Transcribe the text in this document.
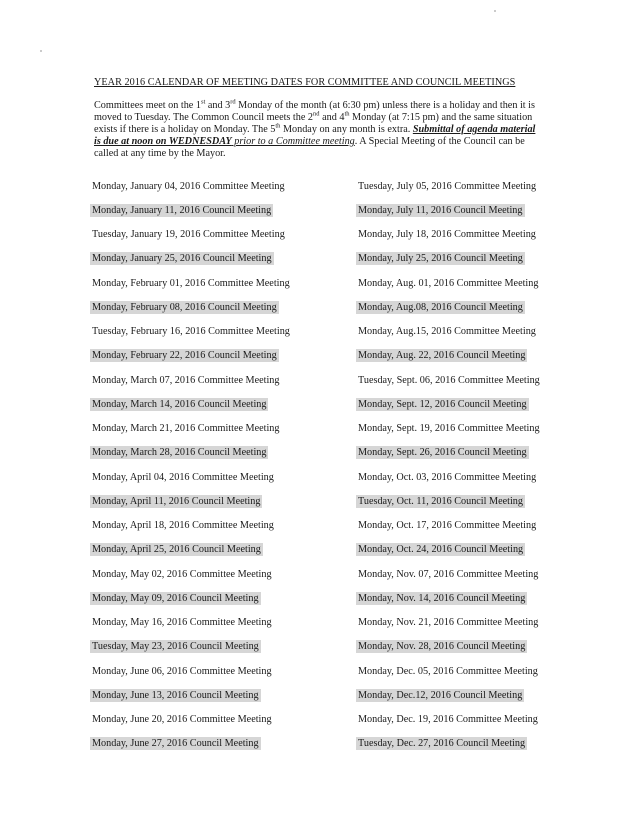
YEAR 2016 CALENDAR OF MEETING DATES FOR COMMITTEE AND COUNCIL MEETINGS
Committees meet on the 1st and 3rd Monday of the month (at 6:30 pm) unless there is a holiday and then it is moved to Tuesday. The Common Council meets the 2nd and 4th Monday (at 7:15 pm) and the same situation exists if there is a holiday on Monday. The 5th Monday on any month is extra. Submittal of agenda material is due at noon on WEDNESDAY prior to a Committee meeting. A Special Meeting of the Council can be called at any time by the Mayor.
Monday, January 04, 2016 Committee Meeting
Monday, January 11, 2016 Council Meeting
Tuesday, January 19, 2016 Committee Meeting
Monday, January 25, 2016 Council Meeting
Monday, February 01, 2016 Committee Meeting
Monday, February 08, 2016 Council Meeting
Tuesday, February 16, 2016 Committee Meeting
Monday, February 22, 2016 Council Meeting
Monday, March 07, 2016 Committee Meeting
Monday, March 14, 2016 Council Meeting
Monday, March 21, 2016 Committee Meeting
Monday, March 28, 2016 Council Meeting
Monday, April 04, 2016 Committee Meeting
Monday, April 11, 2016 Council Meeting
Monday, April 18, 2016 Committee Meeting
Monday, April 25, 2016 Council Meeting
Monday, May 02, 2016 Committee Meeting
Monday, May 09, 2016 Council Meeting
Monday, May 16, 2016 Committee Meeting
Tuesday, May 23, 2016 Council Meeting
Monday, June 06, 2016 Committee Meeting
Monday, June 13, 2016 Council Meeting
Monday, June 20, 2016 Committee Meeting
Monday, June 27, 2016 Council Meeting
Tuesday, July 05, 2016 Committee Meeting
Monday, July 11, 2016 Council Meeting
Monday, July 18, 2016 Committee Meeting
Monday, July 25, 2016 Council Meeting
Monday, Aug. 01, 2016 Committee Meeting
Monday, Aug.08, 2016 Council Meeting
Monday, Aug.15, 2016 Committee Meeting
Monday, Aug. 22, 2016 Council Meeting
Tuesday, Sept. 06, 2016 Committee Meeting
Monday, Sept. 12, 2016 Council Meeting
Monday, Sept. 19, 2016 Committee Meeting
Monday, Sept. 26, 2016 Council Meeting
Monday, Oct. 03, 2016 Committee Meeting
Tuesday, Oct. 11, 2016 Council Meeting
Monday, Oct. 17, 2016 Committee Meeting
Monday, Oct. 24, 2016 Council Meeting
Monday, Nov. 07, 2016 Committee Meeting
Monday, Nov. 14, 2016 Council Meeting
Monday, Nov. 21, 2016 Committee Meeting
Monday, Nov. 28, 2016 Council Meeting
Monday, Dec. 05, 2016 Committee Meeting
Monday, Dec.12, 2016 Council Meeting
Monday, Dec. 19, 2016 Committee Meeting
Tuesday, Dec. 27, 2016 Council Meeting
